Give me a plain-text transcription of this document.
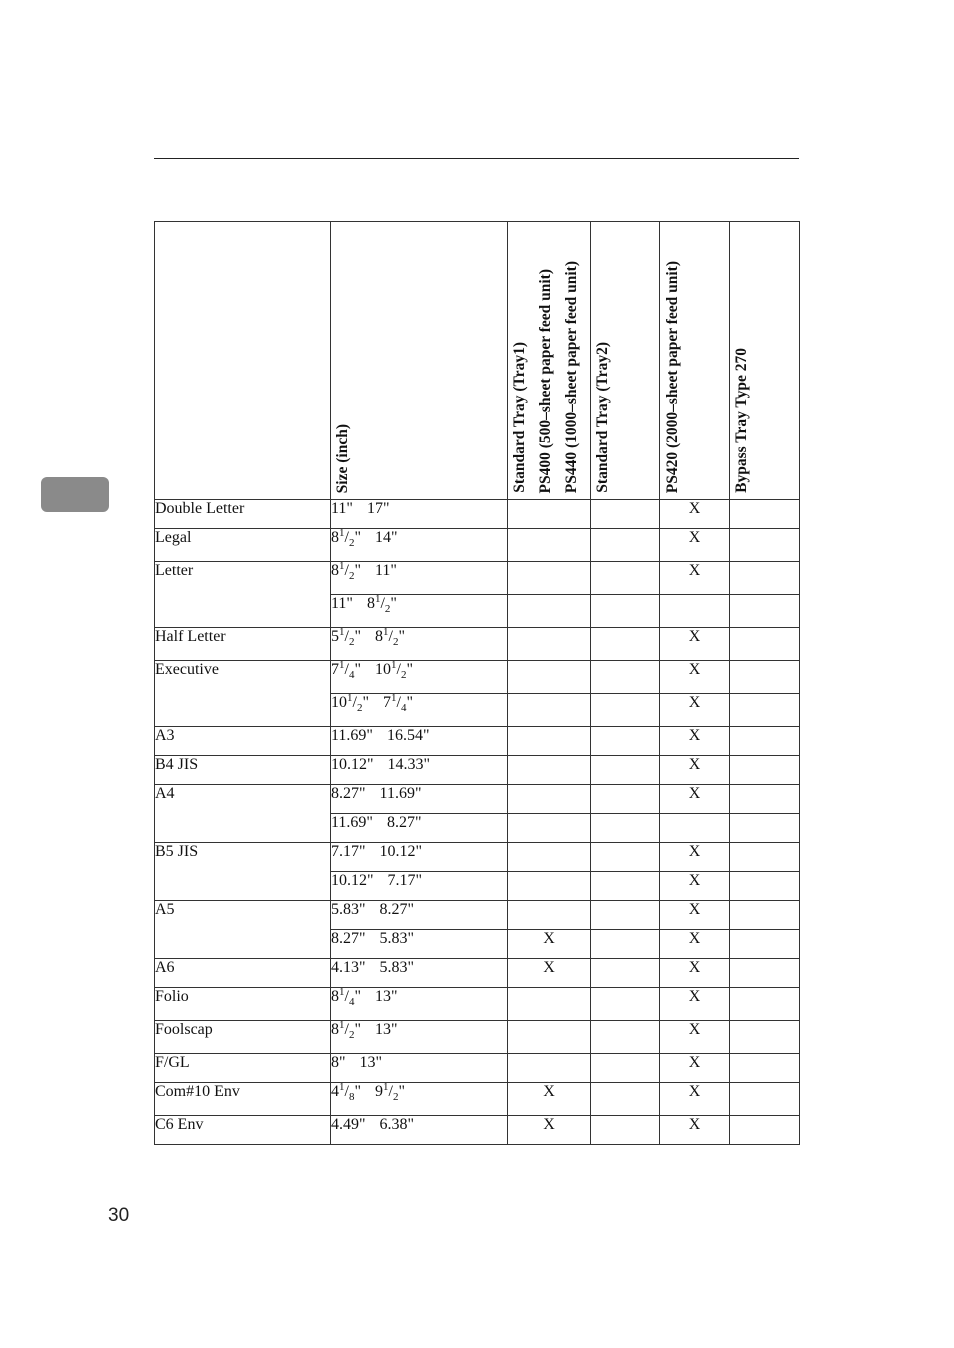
	Size (inch)	Standard Tray (Tray1) PS400 (500–sheet paper feed unit) PS440 (1000–sheet paper feed unit)	Standard Tray (Tray2)	PS420 (2000–sheet paper feed unit)	Bypass Tray Type 270

Double Letter	11" 17"			X	
Legal	$8^1/_2$" 14"			X	
Letter	$8^1/_2$" 11"			X	
	11" $8^1/_2$"				
Half Letter	$5^1/_2$" $8^1/_2$"			X	
Executive	$7^1/_4$" $10^1/_2$"			X	
	$10^1/_2$" $7^1/_4$"			X	
A3	11.69" 16.54"			X	
B4 JIS	10.12" 14.33"			X	
A4	8.27" 11.69"			X	
	11.69" 8.27"				
B5 JIS	7.17" 10.12"			X	
	10.12" 7.17"			X	
A5	5.83" 8.27"			X	
	8.27" 5.83"	X		X	
A6	4.13" 5.83"	X		X	
Folio	$8^1/_4$" 13"			X	
Foolscap	$8^1/_2$" 13"			X	
F/GL	8" 13"			X	
Com#10 Env	$4^1/_8$" $9^1/_2$"	X		X	
C6 Env	4.49" 6.38"	X		X	
30
